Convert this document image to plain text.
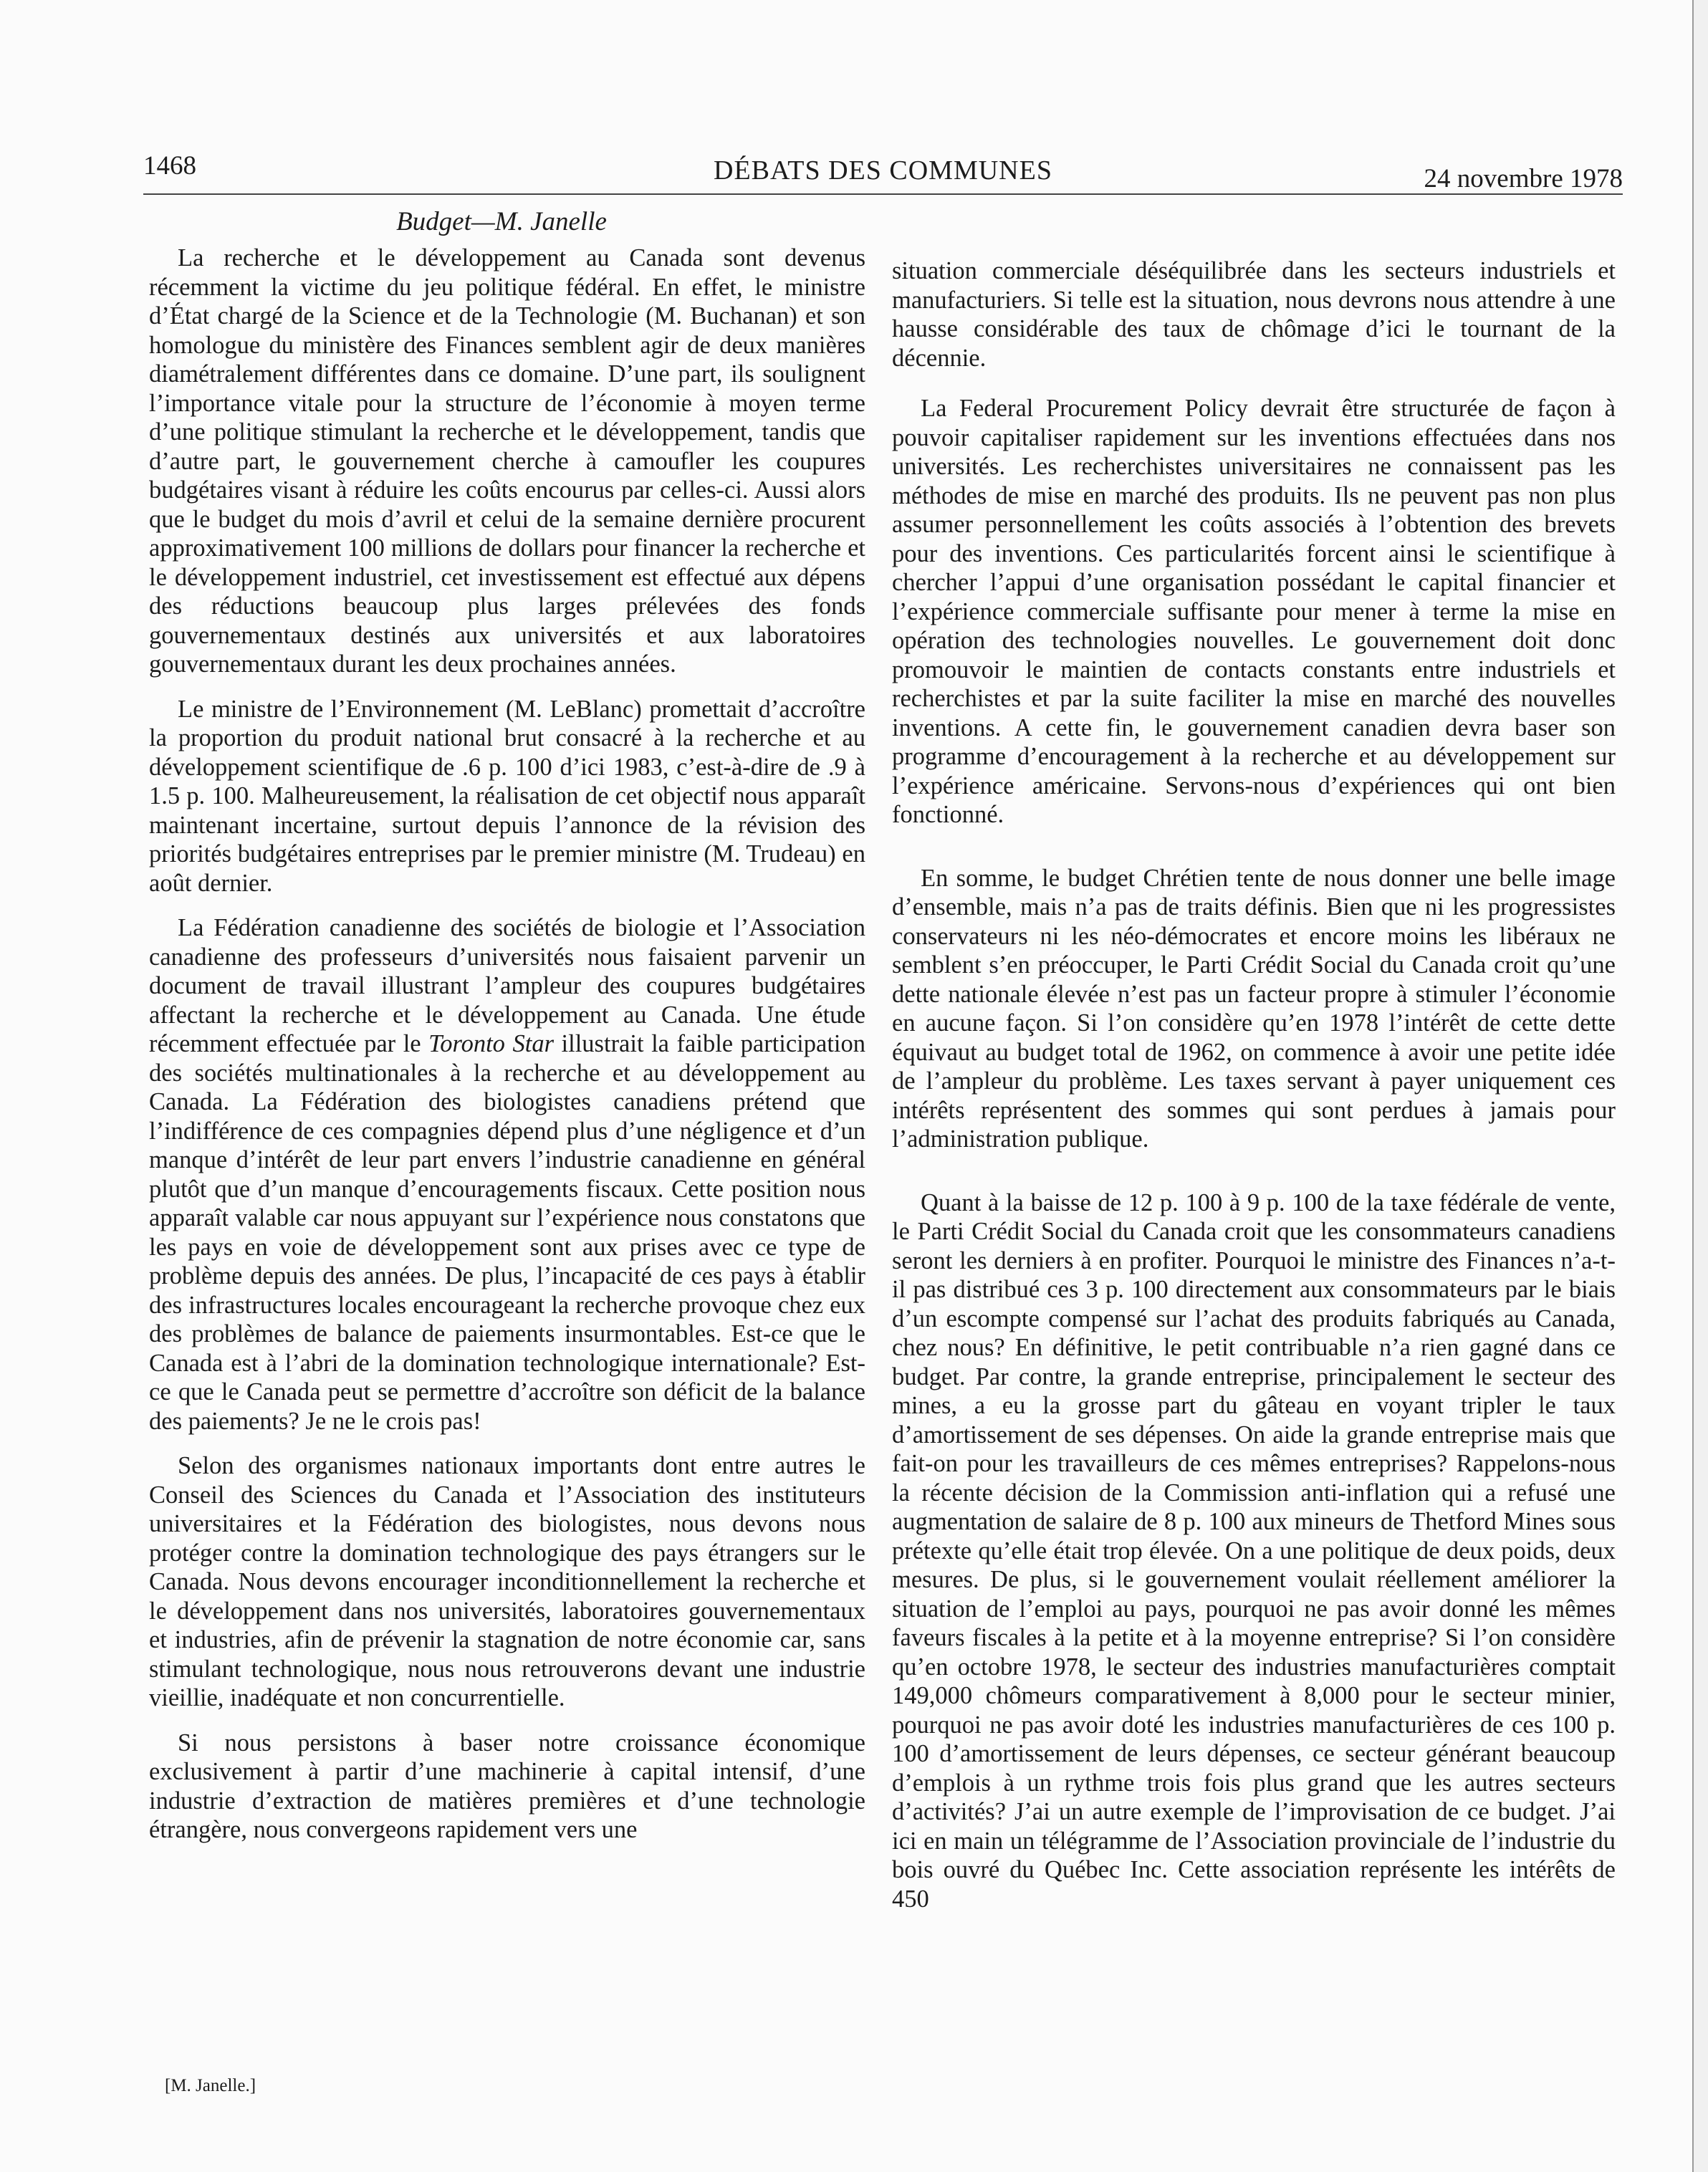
1468	DÉBATS DES COMMUNES	24 novembre 1978
Budget—M. Janelle

La recherche et le développement au Canada sont devenus récemment la victime du jeu politique fédéral. En effet, le ministre d’État chargé de la Science et de la Technologie (M. Buchanan) et son homologue du ministère des Finances semblent agir de deux manières diamétralement différentes dans ce domaine. D’une part, ils soulignent l’importance vitale pour la structure de l’économie à moyen terme d’une politique stimulant la recherche et le développement, tandis que d’autre part, le gouvernement cherche à camoufler les coupures budgétaires visant à réduire les coûts encourus par celles-ci. Aussi alors que le budget du mois d’avril et celui de la semaine dernière procurent approximativement 100 millions de dollars pour financer la recherche et le développement industriel, cet investissement est effectué aux dépens des réductions beaucoup plus larges prélevées des fonds gouvernementaux destinés aux universités et aux laboratoires gouvernementaux durant les deux prochaines années.

Le ministre de l’Environnement (M. LeBlanc) promettait d’accroître la proportion du produit national brut consacré à la recherche et au développement scientifique de .6 p. 100 d’ici 1983, c’est-à-dire de .9 à 1.5 p. 100. Malheureusement, la réalisation de cet objectif nous apparaît maintenant incertaine, surtout depuis l’annonce de la révision des priorités budgétaires entreprises par le premier ministre (M. Trudeau) en août dernier.

La Fédération canadienne des sociétés de biologie et l’Association canadienne des professeurs d’universités nous faisaient parvenir un document de travail illustrant l’ampleur des coupures budgétaires affectant la recherche et le développement au Canada. Une étude récemment effectuée par le Toronto Star illustrait la faible participation des sociétés multinationales à la recherche et au développement au Canada. La Fédération des biologistes canadiens prétend que l’indifférence de ces compagnies dépend plus d’une négligence et d’un manque d’intérêt de leur part envers l’industrie canadienne en général plutôt que d’un manque d’encouragements fiscaux. Cette position nous apparaît valable car nous appuyant sur l’expérience nous constatons que les pays en voie de développement sont aux prises avec ce type de problème depuis des années. De plus, l’incapacité de ces pays à établir des infrastructures locales encourageant la recherche provoque chez eux des problèmes de balance de paiements insurmontables. Est-ce que le Canada est à l’abri de la domination technologique internationale? Est-ce que le Canada peut se permettre d’accroître son déficit de la balance des paiements? Je ne le crois pas!

Selon des organismes nationaux importants dont entre autres le Conseil des Sciences du Canada et l’Association des instituteurs universitaires et la Fédération des biologistes, nous devons nous protéger contre la domination technologique des pays étrangers sur le Canada. Nous devons encourager inconditionnellement la recherche et le développement dans nos universités, laboratoires gouvernementaux et industries, afin de prévenir la stagnation de notre économie car, sans stimulant technologique, nous nous retrouverons devant une industrie vieillie, inadéquate et non concurrentielle.

Si nous persistons à baser notre croissance économique exclusivement à partir d’une machinerie à capital intensif, d’une industrie d’extraction de matières premières et d’une technologie étrangère, nous convergeons rapidement vers une

situation commerciale déséquilibrée dans les secteurs industriels et manufacturiers. Si telle est la situation, nous devrons nous attendre à une hausse considérable des taux de chômage d’ici le tournant de la décennie.

La Federal Procurement Policy devrait être structurée de façon à pouvoir capitaliser rapidement sur les inventions effectuées dans nos universités. Les recherchistes universitaires ne connaissent pas les méthodes de mise en marché des produits. Ils ne peuvent pas non plus assumer personnellement les coûts associés à l’obtention des brevets pour des inventions. Ces particularités forcent ainsi le scientifique à chercher l’appui d’une organisation possédant le capital financier et l’expérience commerciale suffisante pour mener à terme la mise en opération des technologies nouvelles. Le gouvernement doit donc promouvoir le maintien de contacts constants entre industriels et recherchistes et par la suite faciliter la mise en marché des nouvelles inventions. A cette fin, le gouvernement canadien devra baser son programme d’encouragement à la recherche et au développement sur l’expérience américaine. Servons-nous d’expériences qui ont bien fonctionné.

En somme, le budget Chrétien tente de nous donner une belle image d’ensemble, mais n’a pas de traits définis. Bien que ni les progressistes conservateurs ni les néo-démocrates et encore moins les libéraux ne semblent s’en préoccuper, le Parti Crédit Social du Canada croit qu’une dette nationale élevée n’est pas un facteur propre à stimuler l’économie en aucune façon. Si l’on considère qu’en 1978 l’intérêt de cette dette équivaut au budget total de 1962, on commence à avoir une petite idée de l’ampleur du problème. Les taxes servant à payer uniquement ces intérêts représentent des sommes qui sont perdues à jamais pour l’administration publique.

Quant à la baisse de 12 p. 100 à 9 p. 100 de la taxe fédérale de vente, le Parti Crédit Social du Canada croit que les consommateurs canadiens seront les derniers à en profiter. Pourquoi le ministre des Finances n’a-t-il pas distribué ces 3 p. 100 directement aux consommateurs par le biais d’un escompte compensé sur l’achat des produits fabriqués au Canada, chez nous? En définitive, le petit contribuable n’a rien gagné dans ce budget. Par contre, la grande entreprise, principalement le secteur des mines, a eu la grosse part du gâteau en voyant tripler le taux d’amortissement de ses dépenses. On aide la grande entreprise mais que fait-on pour les travailleurs de ces mêmes entreprises? Rappelons-nous la récente décision de la Commission anti-inflation qui a refusé une augmentation de salaire de 8 p. 100 aux mineurs de Thetford Mines sous prétexte qu’elle était trop élevée. On a une politique de deux poids, deux mesures. De plus, si le gouvernement voulait réellement améliorer la situation de l’emploi au pays, pourquoi ne pas avoir donné les mêmes faveurs fiscales à la petite et à la moyenne entreprise? Si l’on considère qu’en octobre 1978, le secteur des industries manufacturières comptait 149,000 chômeurs comparativement à 8,000 pour le secteur minier, pourquoi ne pas avoir doté les industries manufacturières de ces 100 p. 100 d’amortissement de leurs dépenses, ce secteur générant beaucoup d’emplois à un rythme trois fois plus grand que les autres secteurs d’activités? J’ai un autre exemple de l’improvisation de ce budget. J’ai ici en main un télégramme de l’Association provinciale de l’industrie du bois ouvré du Québec Inc. Cette association représente les intérêts de 450

[M. Janelle.]
